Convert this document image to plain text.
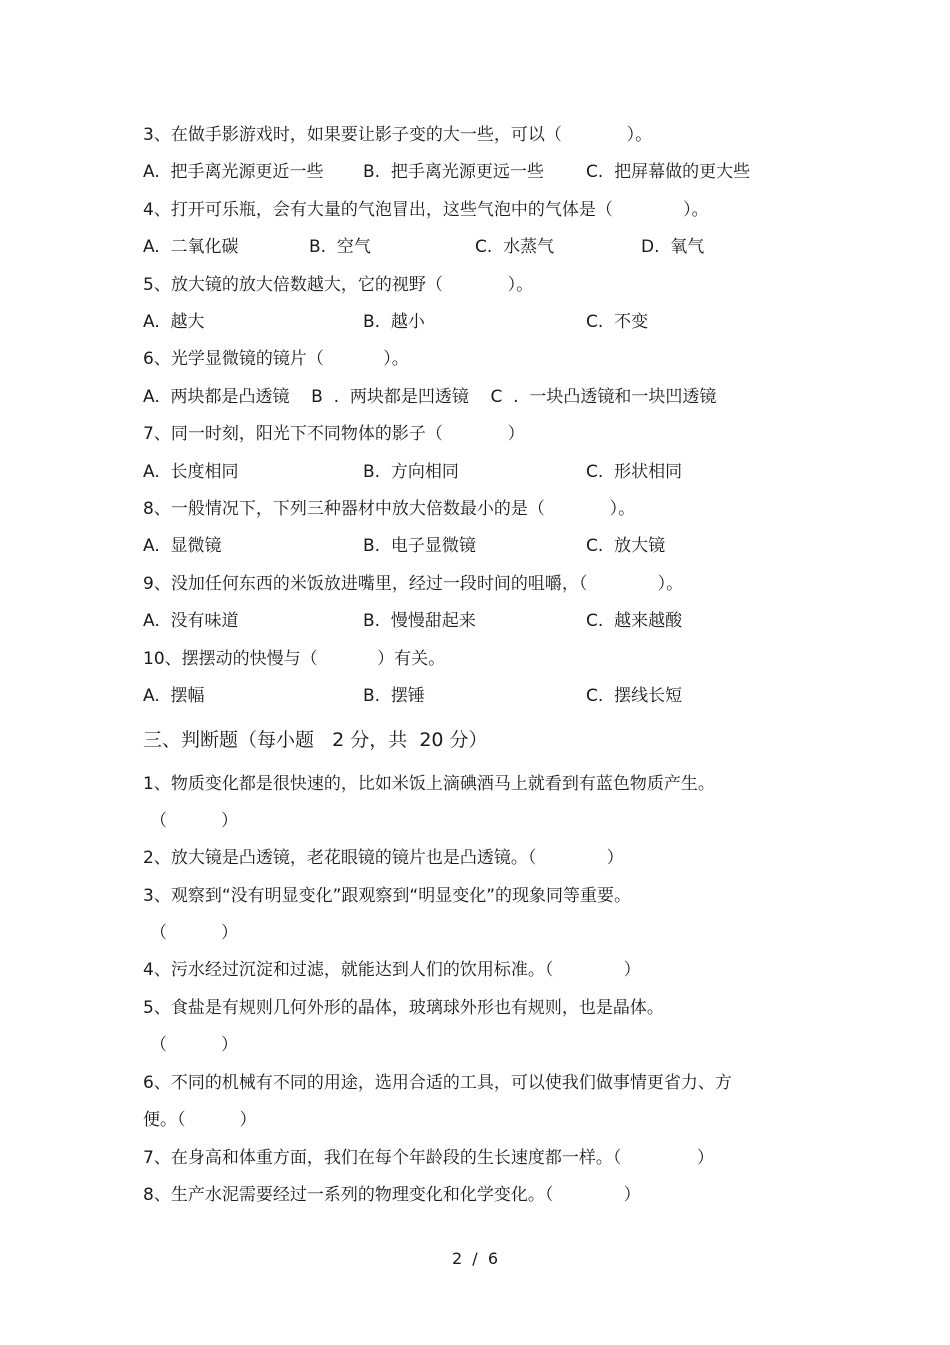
3、在做手影游戏时，如果要让影子变的大一些，可以（            ）。
A.  把手离光源更近一些 B.  把手离光源更远一些 C.  把屏幕做的更大些
4、打开可乐瓶，会有大量的气泡冒出，这些气泡中的气体是（             ）。
A.  二氧化碳	B.  空气	C.  水蒸气	D.  氧气
5、放大镜的放大倍数越大，它的视野（            ）。
A.  越大	B.  越小	C.  不变
6、光学显微镜的镜片（           ）。
A.  两块都是凸透镜    B  .  两块都是凹透镜    C  .  一块凸透镜和一块凹透镜
7、同一时刻，阳光下不同物体的影子（            ）
A.  长度相同	B.  方向相同	C.  形状相同
8、一般情况下，下列三种器材中放大倍数最小的是（            ）。
A.  显微镜	B.  电子显微镜	C.  放大镜
9、没加任何东西的米饭放进嘴里，经过一段时间的咀嚼，（             ）。
A.  没有味道	B.  慢慢甜起来	C.  越来越酸
10、摆摆动的快慢与（           ）有关。
A.  摆幅	B.  摆锤	C.  摆线长短
三、判断题（每小题   2 分，共  20 分）
1、物质变化都是很快速的，比如米饭上滴碘酒马上就看到有蓝色物质产生。
（          ）
2、放大镜是凸透镜，老花眼镜的镜片也是凸透镜。（             ）
3、观察到“没有明显变化”跟观察到“明显变化”的现象同等重要。
（          ）
4、污水经过沉淀和过滤，就能达到人们的饮用标准。（             ）
5、食盐是有规则几何外形的晶体，玻璃球外形也有规则，也是晶体。
（          ）
6、不同的机械有不同的用途，选用合适的工具，可以使我们做事情更省力、方
便。（          ）
7、在身高和体重方面，我们在每个年龄段的生长速度都一样。（              ）
8、生产水泥需要经过一系列的物理变化和化学变化。（             ）
2  /  6
